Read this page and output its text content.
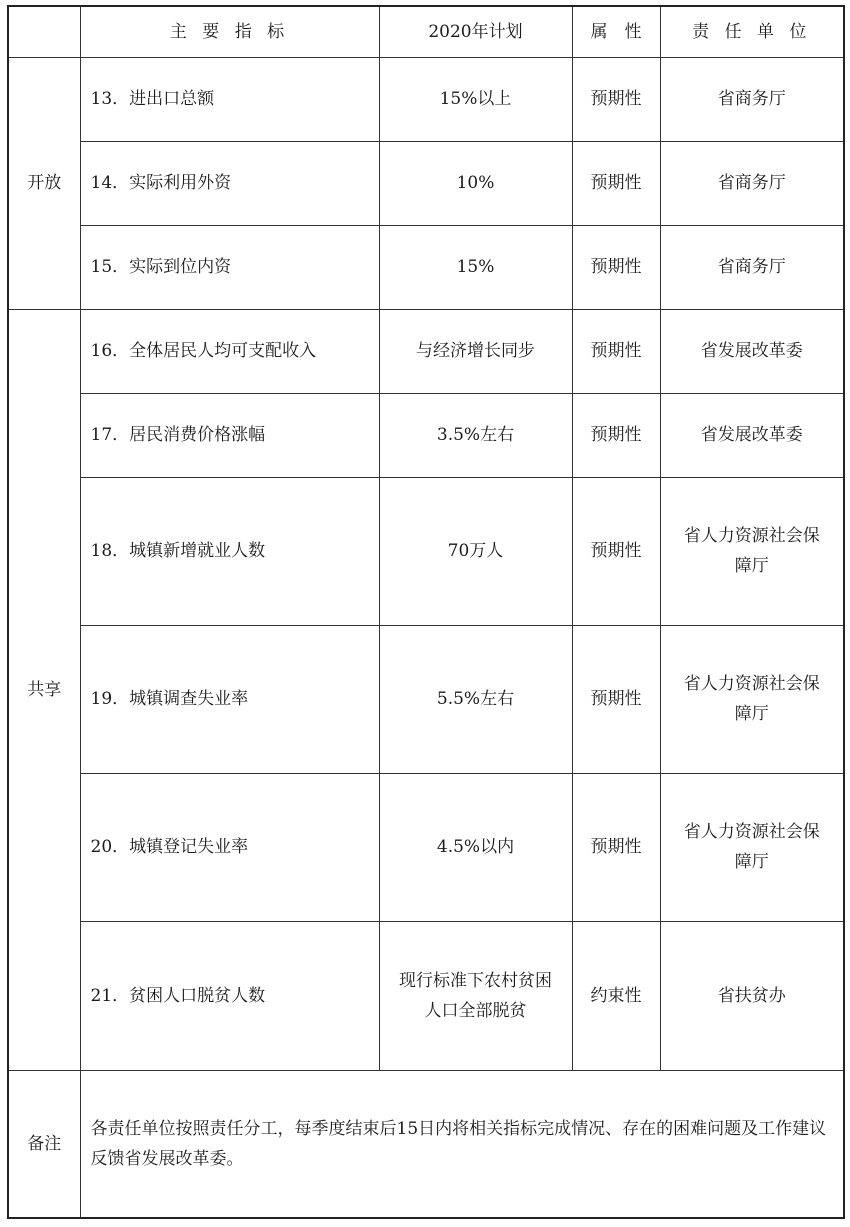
	主 要 指 标	2020年计划	属　性	责 任 单 位
开放	13．进出口总额	15%以上	预期性	省商务厅
	14．实际利用外资	10%	预期性	省商务厅
	15．实际到位内资	15%	预期性	省商务厅
共享	16．全体居民人均可支配收入	与经济增长同步	预期性	省发展改革委
	17．居民消费价格涨幅	3.5%左右	预期性	省发展改革委
	18．城镇新增就业人数	70万人	预期性	省人力资源社会保障厅
	19．城镇调查失业率	5.5%左右	预期性	省人力资源社会保障厅
	20．城镇登记失业率	4.5%以内	预期性	省人力资源社会保障厅
	21．贫困人口脱贫人数	现行标准下农村贫困人口全部脱贫	约束性	省扶贫办
备注	各责任单位按照责任分工，每季度结束后15日内将相关指标完成情况、存在的困难问题及工作建议反馈省发展改革委。			
